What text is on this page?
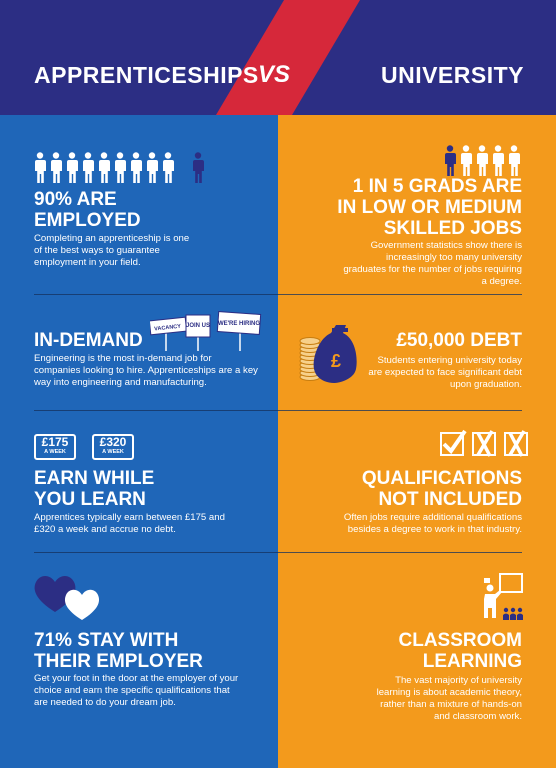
APPRENTICESHIPS VS	UNIVERSITY
90% ARE
EMPLOYED
Completing an apprenticeship is one of the best ways to guarantee employment in your field.
IN-DEMAND
VACANCY JOIN US WE'RE HIRING
Engineering is the most in-demand job for companies looking to hire. Apprenticeships are a key way into engineering and manufacturing.
£175
A WEEK
£320
A WEEK
EARN WHILE
YOU LEARN
Apprentices typically earn between £175 and £320 a week and accrue no debt.
71% STAY WITH
THEIR EMPLOYER
Get your foot in the door at the employer of your choice and earn the specific qualifications that are needed to do your dream job.
1 IN 5 GRADS ARE
IN LOW OR MEDIUM
SKILLED JOBS
Government statistics show there is increasingly too many university graduates for the number of jobs requiring a degree.
£
£50,000 DEBT
Students entering university today are expected to face significant debt upon graduation.
QUALIFICATIONS
NOT INCLUDED
Often jobs require additional qualifications besides a degree to work in that industry.
CLASSROOM
LEARNING
The vast majority of university learning is about academic theory, rather than a mixture of hands-on and classroom work.
